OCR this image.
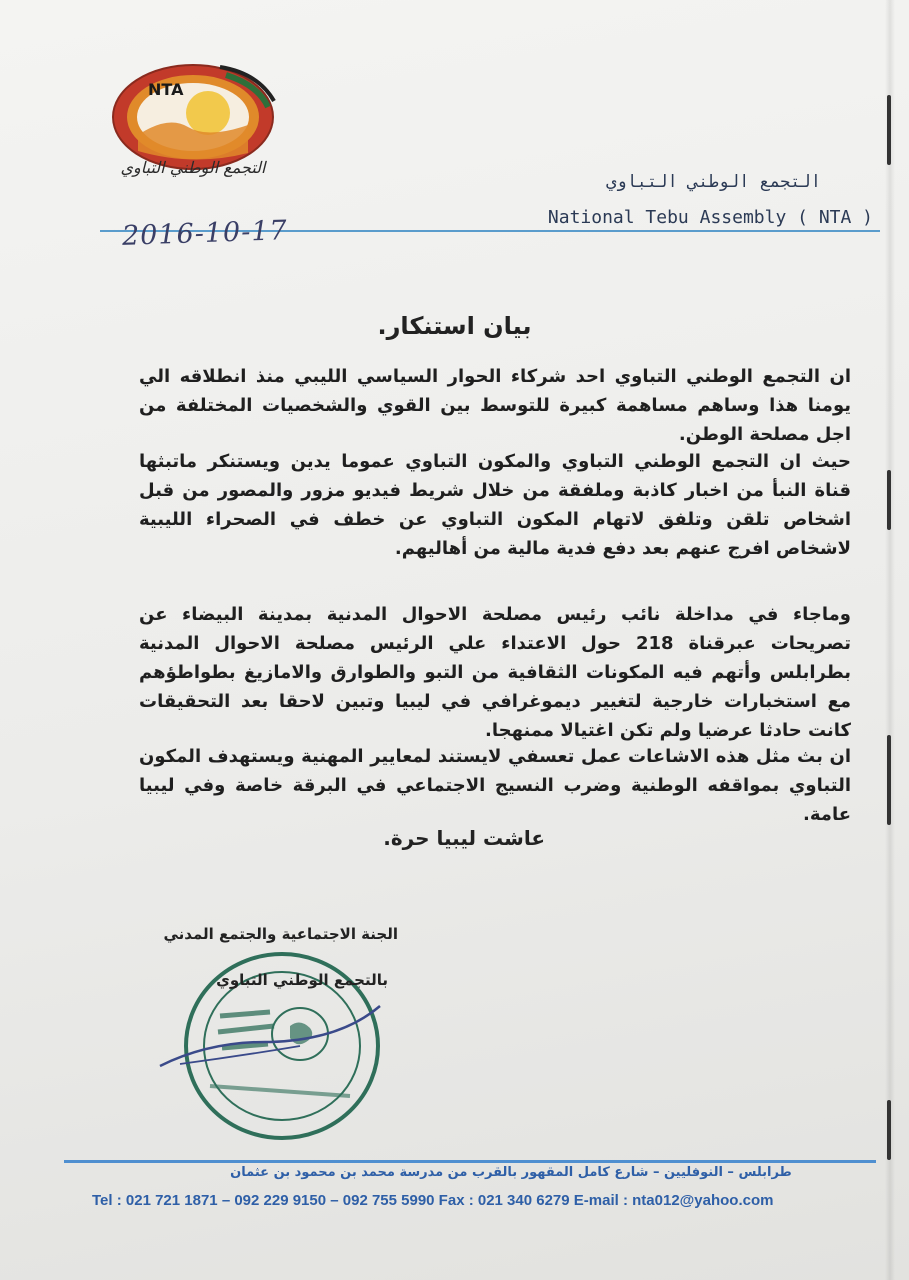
NTA
التجمع الوطني التباوي
التجمع الوطني التباوي
National Tebu Assembly ( NTA )
2016-10-17
بيان استنكار.
ان التجمع الوطني التباوي احد شركاء الحوار السياسي الليبي منذ انطلاقه الي يومنا هذا وساهم مساهمة كبيرة للتوسط بين القوي والشخصيات المختلفة من اجل مصلحة الوطن.
حيث ان التجمع الوطني التباوي والمكون التباوي عموما يدين ويستنكر ماتبثها قناة النبأ من اخبار كاذبة وملفقة من خلال شريط فيديو مزور والمصور من قبل اشخاص تلقن وتلفق لاتهام المكون التباوي عن خطف في الصحراء الليبية لاشخاص افرج عنهم بعد دفع فدية مالية من أهاليهم.
وماجاء في مداخلة نائب رئيس مصلحة الاحوال المدنية بمدينة البيضاء عن تصريحات عبرقناة 218 حول الاعتداء علي الرئيس مصلحة الاحوال المدنية بطرابلس وأتهم فيه المكونات الثقافية من التبو والطوارق والامازيغ بطواطؤهم مع استخبارات خارجية لتغيير ديموغرافي في ليبيا وتبين لاحقا بعد التحقيقات كانت حادثا عرضيا ولم تكن اغتيالا ممنهجا.
ان بث مثل هذه الاشاعات عمل تعسفي لايستند لمعايير المهنية ويستهدف المكون التباوي بمواقفه الوطنية وضرب النسيج الاجتماعي في البرقة خاصة وفي ليبيا عامة.
عاشت ليبيا حرة.
الجنة الاجتماعية والجتمع المدني
بالتجمع الوطني التباوي
طرابلس – النوفليين – شارع كامل المقهور بالقرب من مدرسة محمد بن محمود بن عثمان
Tel : 021 721 1871 – 092 229 9150 – 092 755 5990 Fax : 021 340 6279 E-mail : nta012@yahoo.com
